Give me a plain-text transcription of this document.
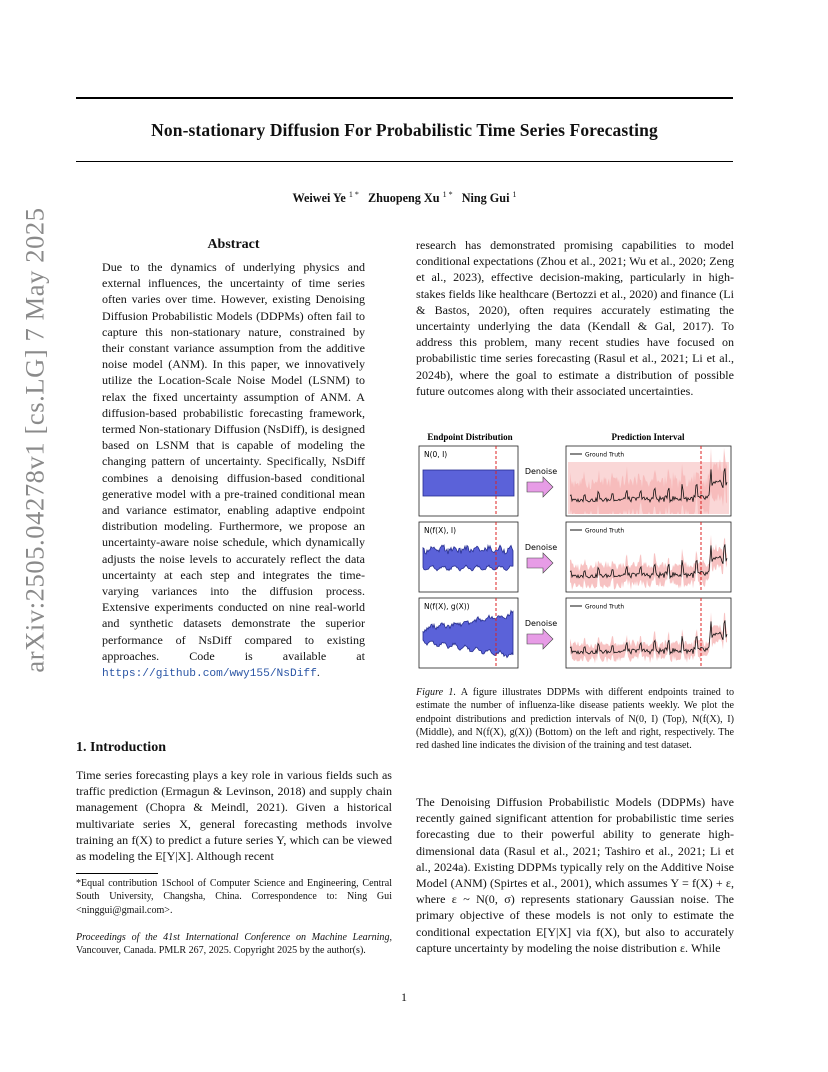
arXiv:2505.04278v1 [cs.LG] 7 May 2025
Non-stationary Diffusion For Probabilistic Time Series Forecasting
Weiwei Ye $^{1 *}$ Zhuopeng Xu $^{1 *}$ Ning Gui $^1$
Abstract

Due to the dynamics of underlying physics and external influences, the uncertainty of time series often varies over time. However, existing Denoising Diffusion Probabilistic Models (DDPMs) often fail to capture this non-stationary nature, constrained by their constant variance assumption from the additive noise model (ANM). In this paper, we innovatively utilize the Location-Scale Noise Model (LSNM) to relax the fixed uncertainty assumption of ANM. A diffusion-based probabilistic forecasting framework, termed Non-stationary Diffusion (NsDiff), is designed based on LSNM that is capable of modeling the changing pattern of uncertainty. Specifically, NsDiff combines a denoising diffusion-based conditional generative model with a pre-trained conditional mean and variance estimator, enabling adaptive endpoint distribution modeling. Furthermore, we propose an uncertainty-aware noise schedule, which dynamically adjusts the noise levels to accurately reflect the data uncertainty at each step and integrates the time-varying variances into the diffusion process. Extensive experiments conducted on nine real-world and synthetic datasets demonstrate the superior performance of NsDiff compared to existing approaches. Code is available at https://github.com/wwy155/NsDiff.

1. Introduction

Time series forecasting plays a key role in various fields such as traffic prediction (Ermagun & Levinson, 2018) and supply chain management (Chopra & Meindl, 2021). Given a historical multivariate series X, general forecasting methods involve training an f(X) to predict a future series Y, which can be viewed as modeling the E[Y|X]. Although recent

*Equal contribution 1School of Computer Science and Engineering, Central South University, Changsha, China. Correspondence to: Ning Gui <ninggui@gmail.com>.
Proceedings of the 41st International Conference on Machine Learning, Vancouver, Canada. PMLR 267, 2025. Copyright 2025 by the author(s).

research has demonstrated promising capabilities to model conditional expectations (Zhou et al., 2021; Wu et al., 2020; Zeng et al., 2023), effective decision-making, particularly in high-stakes fields like healthcare (Bertozzi et al., 2020) and finance (Li & Bastos, 2020), often requires accurately estimating the uncertainty underlying the data (Kendall & Gal, 2017). To address this problem, many recent studies have focused on probabilistic time series forecasting (Rasul et al., 2021; Li et al., 2024b), where the goal to estimate a distribution of possible future outcomes along with their associated uncertainties.

Endpoint Distribution	Prediction Interval
N(0, I)
Denoise
Ground Truth
N(f(X), I)
Denoise
Ground Truth
N(f(X), g(X))
Denoise
Ground Truth
Figure 1. A figure illustrates DDPMs with different endpoints trained to estimate the number of influenza-like disease patients weekly. We plot the endpoint distributions and prediction intervals of N(0, I) (Top), N(f(X), I) (Middle), and N(f(X), g(X)) (Bottom) on the left and right, respectively. The red dashed line indicates the division of the training and test dataset.

The Denoising Diffusion Probabilistic Models (DDPMs) have recently gained significant attention for probabilistic time series forecasting due to their powerful ability to generate high-dimensional data (Rasul et al., 2021; Tashiro et al., 2021; Li et al., 2024a). Existing DDPMs typically rely on the Additive Noise Model (ANM) (Spirtes et al., 2001), which assumes Y = f(X) + ε, where ε ~ N(0, σ) represents stationary Gaussian noise. The primary objective of these models is not only to estimate the conditional expectation E[Y|X] via f(X), but also to accurately capture uncertainty by modeling the noise distribution ε. While

1
